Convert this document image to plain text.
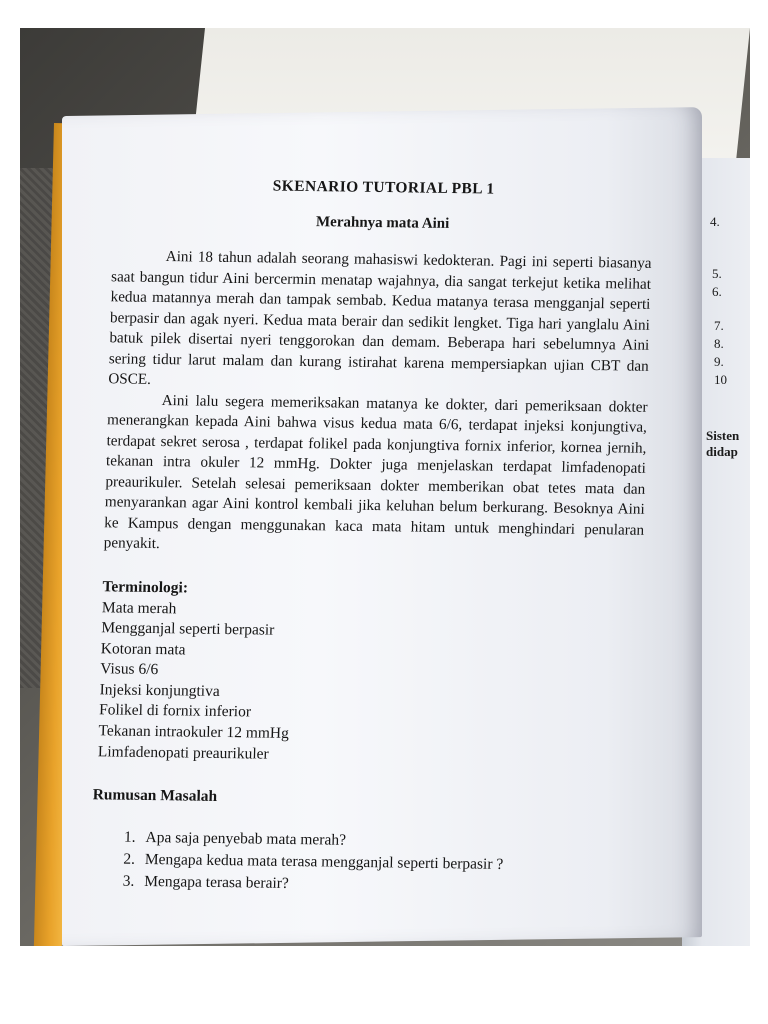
4.
5.
6.
7.
8.
9.
10
Sisten
didap
SKENARIO TUTORIAL PBL 1
Merahnya mata Aini

Aini 18 tahun adalah seorang mahasiswi kedokteran. Pagi ini seperti biasanya saat bangun tidur Aini bercermin menatap wajahnya, dia sangat terkejut ketika melihat kedua matannya merah dan tampak sembab. Kedua matanya terasa mengganjal seperti berpasir dan agak nyeri. Kedua mata berair dan sedikit lengket. Tiga hari yanglalu Aini batuk pilek disertai nyeri tenggorokan dan demam. Beberapa hari sebelumnya Aini sering tidur larut malam dan kurang istirahat karena mempersiapkan ujian CBT dan OSCE.

Aini lalu segera memeriksakan matanya ke dokter, dari pemeriksaan dokter menerangkan kepada Aini bahwa visus kedua mata 6/6, terdapat injeksi konjungtiva, terdapat sekret serosa , terdapat folikel pada konjungtiva fornix inferior, kornea jernih, tekanan intra okuler 12 mmHg. Dokter juga menjelaskan terdapat limfadenopati preaurikuler. Setelah selesai pemeriksaan dokter memberikan obat tetes mata dan menyarankan agar Aini kontrol kembali jika keluhan belum berkurang. Besoknya Aini ke Kampus dengan menggunakan kaca mata hitam untuk menghindari penularan penyakit.

Terminologi:
Mata merah
Mengganjal seperti berpasir
Kotoran mata
Visus 6/6
Injeksi konjungtiva
Folikel di fornix inferior
Tekanan intraokuler 12 mmHg
Limfadenopati preaurikuler
Rumusan Masalah
1. Apa saja penyebab mata merah?
2. Mengapa kedua mata terasa mengganjal seperti berpasir ?
3. Mengapa terasa berair?
